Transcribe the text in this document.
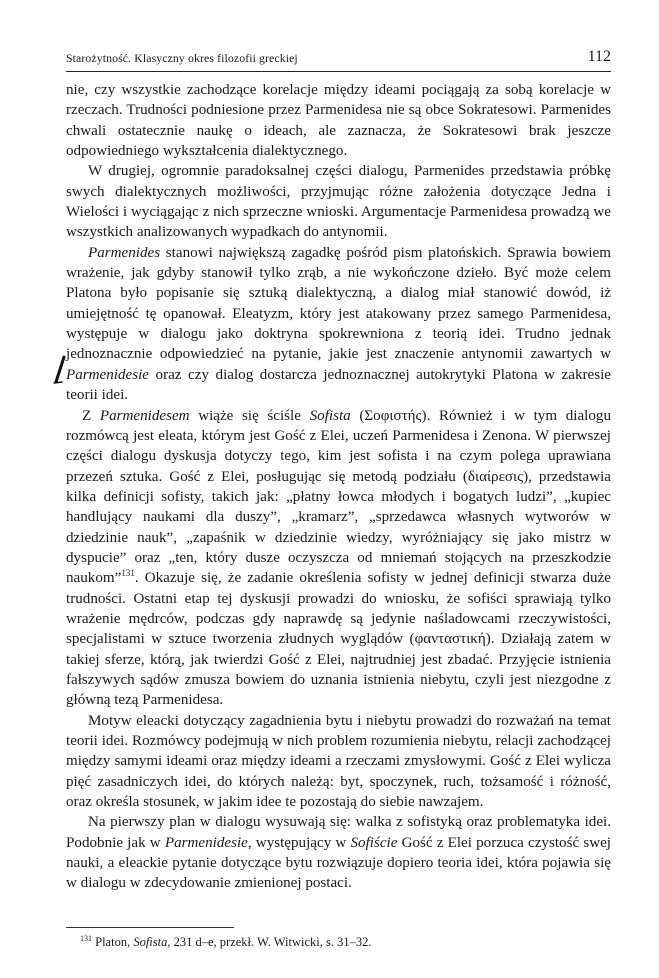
Starożytność. Klasyczny okres filozofii greckiej	112

nie, czy wszystkie zachodzące korelacje między ideami pociągają za sobą korelacje w rzeczach. Trudności podniesione przez Parmenidesa nie są obce Sokratesowi. Parmenides chwali ostatecznie naukę o ideach, ale zaznacza, że Sokratesowi brak jeszcze odpowiedniego wykształcenia dialektycznego.

W drugiej, ogromnie paradoksalnej części dialogu, Parmenides przedstawia próbkę swych dialektycznych możliwości, przyjmując różne założenia dotyczące Jedna i Wielości i wyciągając z nich sprzeczne wnioski. Argumentacje Parmenidesa prowadzą we wszystkich analizowanych wypadkach do antynomii.

Parmenides stanowi największą zagadkę pośród pism platońskich. Sprawia bowiem wrażenie, jak gdyby stanowił tylko zrąb, a nie wykończone dzieło. Być może celem Platona było popisanie się sztuką dialektyczną, a dialog miał stanowić dowód, iż umiejętność tę opanował. Eleatyzm, który jest atakowany przez samego Parmenidesa, występuje w dialogu jako doktryna spokrewniona z teorią idei. Trudno jednak jednoznacznie odpowiedzieć na pytanie, jakie jest znaczenie antynomii zawartych w Parmenidesie oraz czy dialog dostarcza jednoznacznej autokrytyki Platona w zakresie teorii idei.

Z Parmenidesem wiąże się ściśle Sofista (Σοφιστής). Również i w tym dialogu rozmówcą jest eleata, którym jest Gość z Elei, uczeń Parmenidesa i Zenona. W pierwszej części dialogu dyskusja dotyczy tego, kim jest sofista i na czym polega uprawiana przezeń sztuka. Gość z Elei, posługując się metodą podziału (διαίρεσις), przedstawia kilka definicji sofisty, takich jak: „płatny łowca młodych i bogatych ludzi”, „kupiec handlujący naukami dla duszy”, „kramarz”, „sprzedawca własnych wytworów w dziedzinie nauk”, „zapaśnik w dziedzinie wiedzy, wyróżniający się jako mistrz w dyspucie” oraz „ten, który dusze oczyszcza od mniemań stojących na przeszkodzie naukom”$^{131}$. Okazuje się, że zadanie określenia sofisty w jednej definicji stwarza duże trudności. Ostatni etap tej dyskusji prowadzi do wniosku, że sofiści sprawiają tylko wrażenie mędrców, podczas gdy naprawdę są jedynie naśladowcami rzeczywistości, specjalistami w sztuce tworzenia złudnych wyglądów (φανταστική). Działają zatem w takiej sferze, którą, jak twierdzi Gość z Elei, najtrudniej jest zbadać. Przyjęcie istnienia fałszywych sądów zmusza bowiem do uznania istnienia niebytu, czyli jest niezgodne z główną tezą Parmenidesa.

Motyw eleacki dotyczący zagadnienia bytu i niebytu prowadzi do rozważań na temat teorii idei. Rozmówcy podejmują w nich problem rozumienia niebytu, relacji zachodzącej między samymi ideami oraz między ideami a rzeczami zmysłowymi. Gość z Elei wylicza pięć zasadniczych idei, do których należą: byt, spoczynek, ruch, tożsamość i różność, oraz określa stosunek, w jakim idee te pozostają do siebie nawzajem.

Na pierwszy plan w dialogu wysuwają się: walka z sofistyką oraz problematyka idei. Podobnie jak w Parmenidesie, występujący w Sofiście Gość z Elei porzuca czystość swej nauki, a eleackie pytanie dotyczące bytu rozwiązuje dopiero teoria idei, która pojawia się w dialogu w zdecydowanie zmienionej postaci.

$^{131}$ Platon, Sofista, 231 d–e, przekł. W. Witwicki, s. 31–32.
